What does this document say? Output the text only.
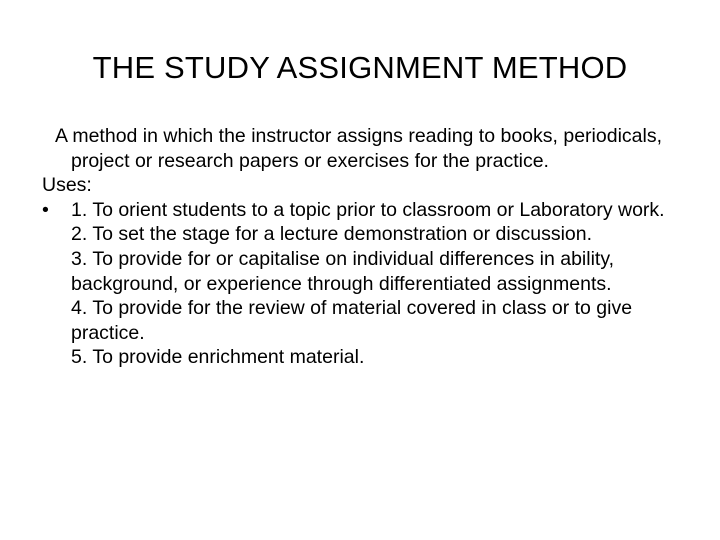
THE STUDY ASSIGNMENT METHOD

A method in which the instructor assigns reading to books, periodicals, project or research papers or exercises for the practice.

Uses:

• 1. To orient students to a topic prior to classroom or Laboratory work.

2. To set the stage for a lecture demonstration or discussion.

3. To provide for or capitalise on individual differences in ability, background, or experience through differentiated assignments.

4. To provide for the review of material covered in class or to give practice.

5. To provide enrichment material.
